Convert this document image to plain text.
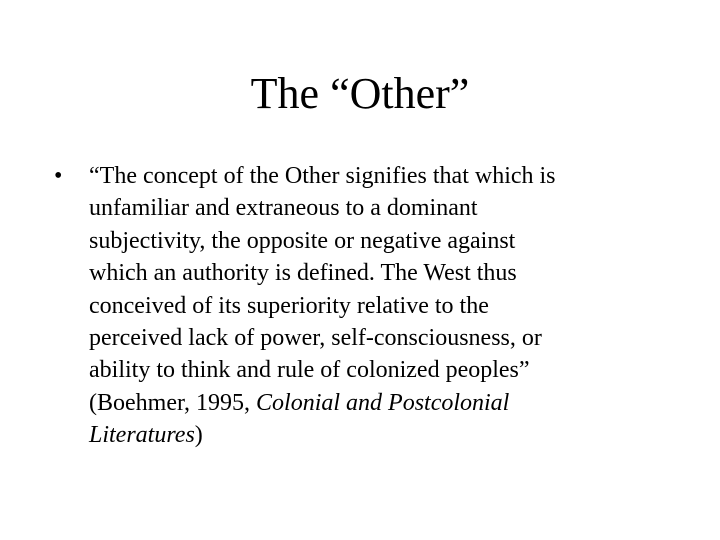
The “Other”
• “The concept of the Other signifies that which is
unfamiliar and extraneous to a dominant
subjectivity, the opposite or negative against
which an authority is defined. The West thus
conceived of its superiority relative to the
perceived lack of power, self-consciousness, or
ability to think and rule of colonized peoples”
(Boehmer, 1995, Colonial and Postcolonial
Literatures)
